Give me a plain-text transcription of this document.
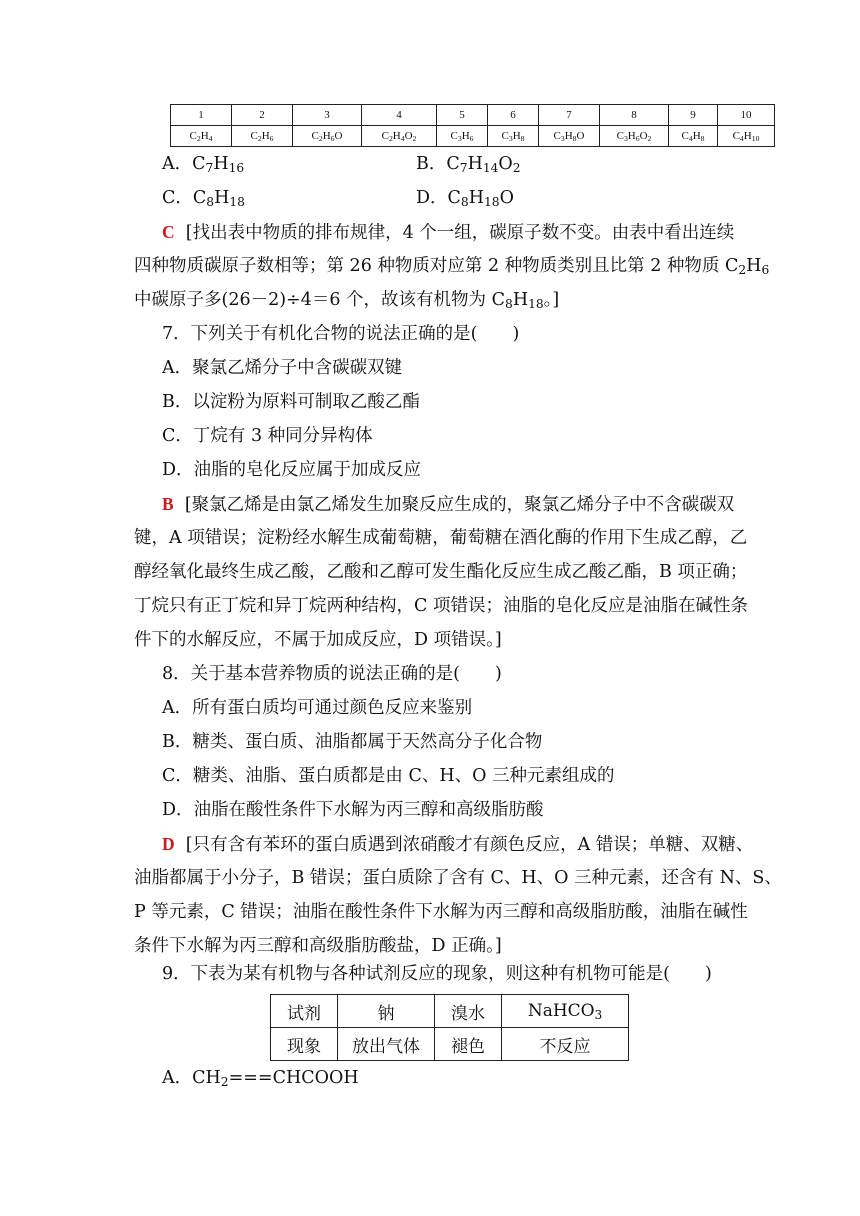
1	2	3	4	5	6	7	8	9	10
$C_2H_4$	$C_2H_6$	$C_2H_6O$	$C_2H_4O_2$	$C_3H_6$	$C_3H_8$	$C_3H_8O$	$C_3H_6O_2$	$C_4H_8$	$C_4H_{10}$
A．$C_7H_{16}$	B．$C_7H_{14}O_2$
C．$C_8H_{18}$	D．$C_8H_{18}O$
C [找出表中物质的排布规律，4 个一组，碳原子数不变。由表中看出连续
四种物质碳原子数相等；第 26 种物质对应第 2 种物质类别且比第 2 种物质 $C_2H_6$
中碳原子多(26－2)÷4＝6 个，故该有机物为 $C_8H_{18}$。]
7．下列关于有机化合物的说法正确的是(　　)
A．聚氯乙烯分子中含碳碳双键
B．以淀粉为原料可制取乙酸乙酯
C．丁烷有 3 种同分异构体
D．油脂的皂化反应属于加成反应
B [聚氯乙烯是由氯乙烯发生加聚反应生成的，聚氯乙烯分子中不含碳碳双
键，A 项错误；淀粉经水解生成葡萄糖，葡萄糖在酒化酶的作用下生成乙醇，乙
醇经氧化最终生成乙酸，乙酸和乙醇可发生酯化反应生成乙酸乙酯，B 项正确；
丁烷只有正丁烷和异丁烷两种结构，C 项错误；油脂的皂化反应是油脂在碱性条
件下的水解反应，不属于加成反应，D 项错误。]
8．关于基本营养物质的说法正确的是(　　)
A．所有蛋白质均可通过颜色反应来鉴别
B．糖类、蛋白质、油脂都属于天然高分子化合物
C．糖类、油脂、蛋白质都是由 C、H、O 三种元素组成的
D．油脂在酸性条件下水解为丙三醇和高级脂肪酸
D [只有含有苯环的蛋白质遇到浓硝酸才有颜色反应，A 错误；单糖、双糖、
油脂都属于小分子，B 错误；蛋白质除了含有 C、H、O 三种元素，还含有 N、S、
P 等元素，C 错误；油脂在酸性条件下水解为丙三醇和高级脂肪酸，油脂在碱性
条件下水解为丙三醇和高级脂肪酸盐，D 正确。]
9．下表为某有机物与各种试剂反应的现象，则这种有机物可能是(　　)
试剂	钠	溴水	NaHCO$_3$
现象	放出气体	褪色	不反应
A．$CH_2===CHCOOH$
